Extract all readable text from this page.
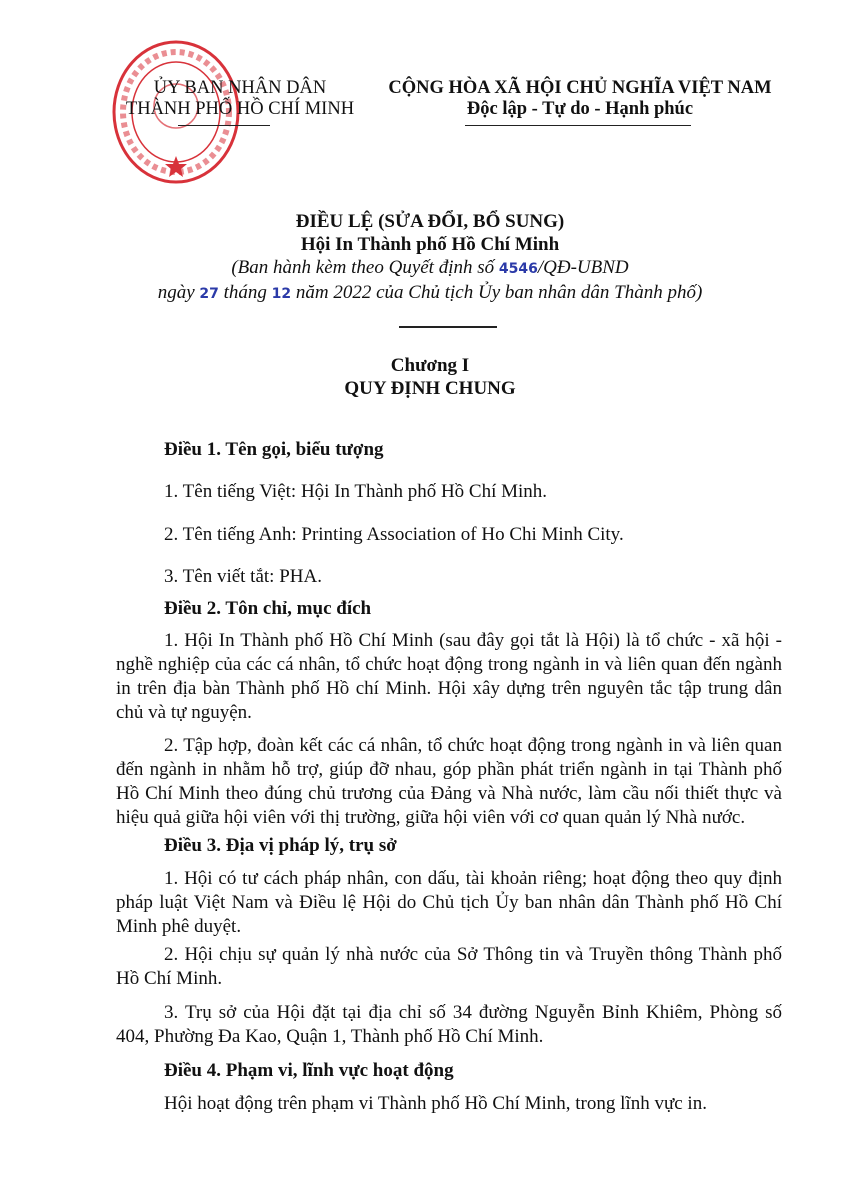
ỦY BAN NHÂN DÂN
THÀNH PHỐ HỒ CHÍ MINH
CỘNG HÒA XÃ HỘI CHỦ NGHĨA VIỆT NAM
Độc lập - Tự do - Hạnh phúc
ĐIỀU LỆ (SỬA ĐỔI, BỔ SUNG)
Hội In Thành phố Hồ Chí Minh
(Ban hành kèm theo Quyết định số 4546/QĐ-UBND
ngày 27 tháng 12 năm 2022 của Chủ tịch Ủy ban nhân dân Thành phố)
Chương I
QUY ĐỊNH CHUNG
Điều 1. Tên gọi, biểu tượng
1. Tên tiếng Việt: Hội In Thành phố Hồ Chí Minh.
2. Tên tiếng Anh: Printing Association of Ho Chi Minh City.
3. Tên viết tắt: PHA.
Điều 2. Tôn chỉ, mục đích
1. Hội In Thành phố Hồ Chí Minh (sau đây gọi tắt là Hội) là tổ chức - xã hội - nghề nghiệp của các cá nhân, tổ chức hoạt động trong ngành in và liên quan đến ngành in trên địa bàn Thành phố Hồ chí Minh. Hội xây dựng trên nguyên tắc tập trung dân chủ và tự nguyện.
2. Tập hợp, đoàn kết các cá nhân, tổ chức hoạt động trong ngành in và liên quan đến ngành in nhằm hỗ trợ, giúp đỡ nhau, góp phần phát triển ngành in tại Thành phố Hồ Chí Minh theo đúng chủ trương của Đảng và Nhà nước, làm cầu nối thiết thực và hiệu quả giữa hội viên với thị trường, giữa hội viên với cơ quan quản lý Nhà nước.
Điều 3. Địa vị pháp lý, trụ sở
1. Hội có tư cách pháp nhân, con dấu, tài khoản riêng; hoạt động theo quy định pháp luật Việt Nam và Điều lệ Hội do Chủ tịch Ủy ban nhân dân Thành phố Hồ Chí Minh phê duyệt.
2. Hội chịu sự quản lý nhà nước của Sở Thông tin và Truyền thông Thành phố Hồ Chí Minh.
3. Trụ sở của Hội đặt tại địa chỉ số 34 đường Nguyễn Bỉnh Khiêm, Phòng số 404, Phường Đa Kao, Quận 1, Thành phố Hồ Chí Minh.
Điều 4. Phạm vi, lĩnh vực hoạt động
Hội hoạt động trên phạm vi Thành phố Hồ Chí Minh, trong lĩnh vực in.
